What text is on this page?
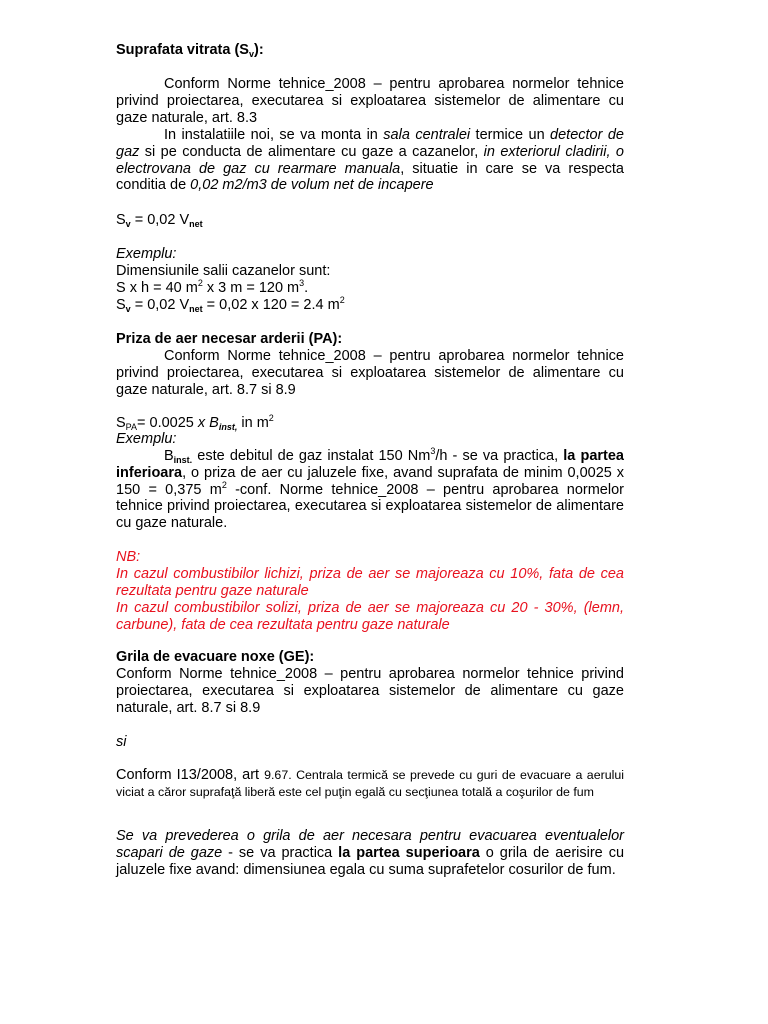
Suprafata vitrata $(S_v)$:

Conform Norme tehnice_2008 – pentru aprobarea normelor tehnice privind proiectarea, executarea si exploatarea sistemelor de alimentare cu gaze naturale, art. 8.3

In instalatiile noi, se va monta in sala centralei termice un detector de gaz si pe conducta de alimentare cu gaze a cazanelor, in exteriorul cladirii, o electrovana de gaz cu rearmare manuala, situatie in care se va respecta conditia de 0,02 m2/m3 de volum net de incapere

$S_v = 0,02$ $V_{net}$

Exemplu:

Dimensiunile salii cazanelor sunt:

S x h = 40 $m^2$ x 3 m = 120 $m^3$.

$S_v = 0,02$ $V_{net} = 0,02$ x 120 = 2.4 $m^2$

Priza de aer necesar arderii (PA):

Conform Norme tehnice_2008 – pentru aprobarea normelor tehnice privind proiectarea, executarea si exploatarea sistemelor de alimentare cu gaze naturale, art. 8.7 si 8.9

$S_{PA}= 0.0025$ x $B_{inst,}$ in $m^2$

Exemplu:

$B_{inst.}$ este debitul de gaz instalat 150 Nm$^3$/h - se va practica, la partea inferioara, o priza de aer cu jaluzele fixe, avand suprafata de minim 0,0025 x 150 = 0,375 $m^2$ -conf. Norme tehnice_2008 – pentru aprobarea normelor tehnice privind proiectarea, executarea si exploatarea sistemelor de alimentare cu gaze naturale.

NB:

In cazul combustibilor lichizi, priza de aer se majoreaza cu 10%, fata de cea rezultata pentru gaze naturale

In cazul combustibilor solizi, priza de aer se majoreaza cu 20 - 30%, (lemn, carbune), fata de cea rezultata pentru gaze naturale

Grila de evacuare noxe (GE):

Conform Norme tehnice_2008 – pentru aprobarea normelor tehnice privind proiectarea, executarea si exploatarea sistemelor de alimentare cu gaze naturale, art. 8.7 si 8.9

si

Conform I13/2008, art 9.67. Centrala termică se prevede cu guri de evacuare a aerului viciat a căror suprafaţă liberă este cel puţin egală cu secţiunea totală a coşurilor de fum

Se va prevederea o grila de aer necesara pentru evacuarea eventualelor scapari de gaze - se va practica la partea superioara o grila de aerisire cu jaluzele fixe avand: dimensiunea egala cu suma suprafetelor cosurilor de fum.
